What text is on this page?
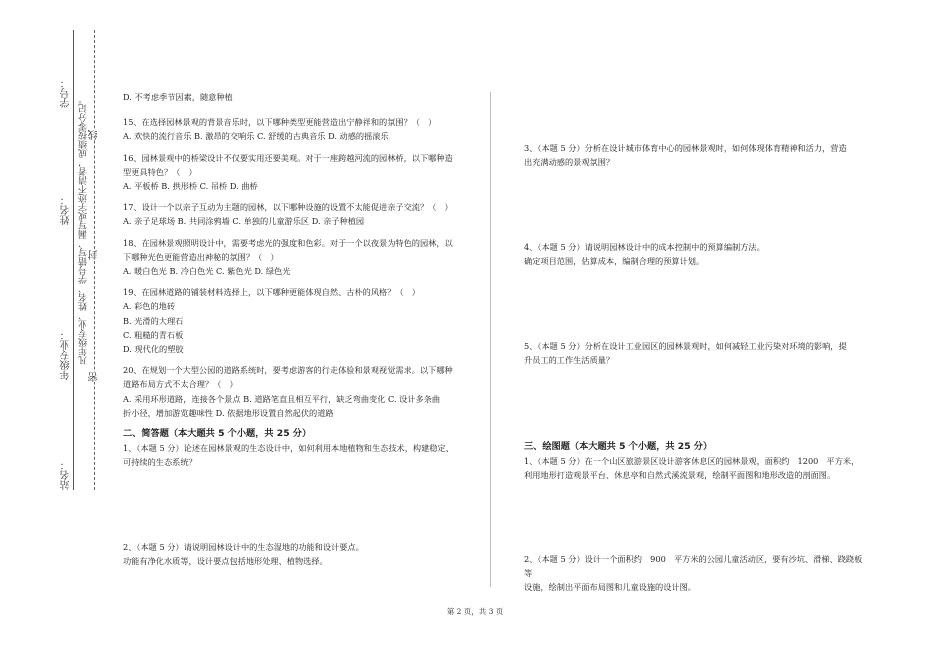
学号：
姓名：
年级专业：
站名：
凡年级专业、姓名、学号错写、漏写或字迹不清者，成绩按零分记。 线
封
密
D. 不考虑季节因素，随意种植
15、在选择园林景观的背景音乐时，以下哪种类型更能营造出宁静祥和的氛围？（　）
A. 欢快的流行音乐 B. 激昂的交响乐 C. 舒缓的古典音乐 D. 动感的摇滚乐
16、园林景观中的桥梁设计不仅要实用还要美观。对于一座跨越河流的园林桥，以下哪种造
型更具特色？（　）
A. 平板桥 B. 拱形桥 C. 吊桥 D. 曲桥
17、设计一个以亲子互动为主题的园林，以下哪种设施的设置不太能促进亲子交流？（　）
A. 亲子足球场 B. 共同涂鸦墙 C. 单独的儿童游乐区 D. 亲子种植园
18、在园林景观照明设计中，需要考虑光的强度和色彩。对于一个以夜景为特色的园林，以
下哪种光色更能营造出神秘的氛围？（　）
A. 暖白色光 B. 冷白色光 C. 紫色光 D. 绿色光
19、在园林道路的铺装材料选择上，以下哪种更能体现自然、古朴的风格？（　）
A. 彩色的地砖
B. 光滑的大理石
C. 粗糙的青石板
D. 现代化的塑胶
20、在规划一个大型公园的道路系统时，要考虑游客的行走体验和景观视觉需求。以下哪种
道路布局方式不太合理？（　）
A. 采用环形道路，连接各个景点 B. 道路笔直且相互平行，缺乏弯曲变化 C. 设计多条曲
折小径，增加游览趣味性 D. 依据地形设置自然起伏的道路
二、简答题（本大题共 5 个小题，共 25 分）
1、（本题 5 分）论述在园林景观的生态设计中，如何利用本地植物和生态技术，构建稳定、
可持续的生态系统？
2、（本题 5 分）请说明园林设计中的生态湿地的功能和设计要点。
功能有净化水质等，设计要点包括地形处理、植物选择。
3、（本题 5 分）分析在设计城市体育中心的园林景观时，如何体现体育精神和活力，营造
出充满动感的景观氛围？
4、（本题 5 分）请说明园林设计中的成本控制中的预算编制方法。
确定项目范围，估算成本，编制合理的预算计划。
5、（本题 5 分）分析在设计工业园区的园林景观时，如何减轻工业污染对环境的影响，提
升员工的工作生活质量？
三、绘图题（本大题共 5 个小题，共 25 分）
1、（本题 5 分）在一个山区旅游景区设计游客休息区的园林景观，面积约　1200　平方米，
利用地形打造观景平台、休息亭和自然式溪流景观，绘制平面图和地形改造的剖面图。
2、（本题 5 分）设计一个面积约　900　平方米的公园儿童活动区，要有沙坑、滑梯、跷跷板等
设施，绘制出平面布局图和儿童设施的设计图。
第 2 页，共 3 页
